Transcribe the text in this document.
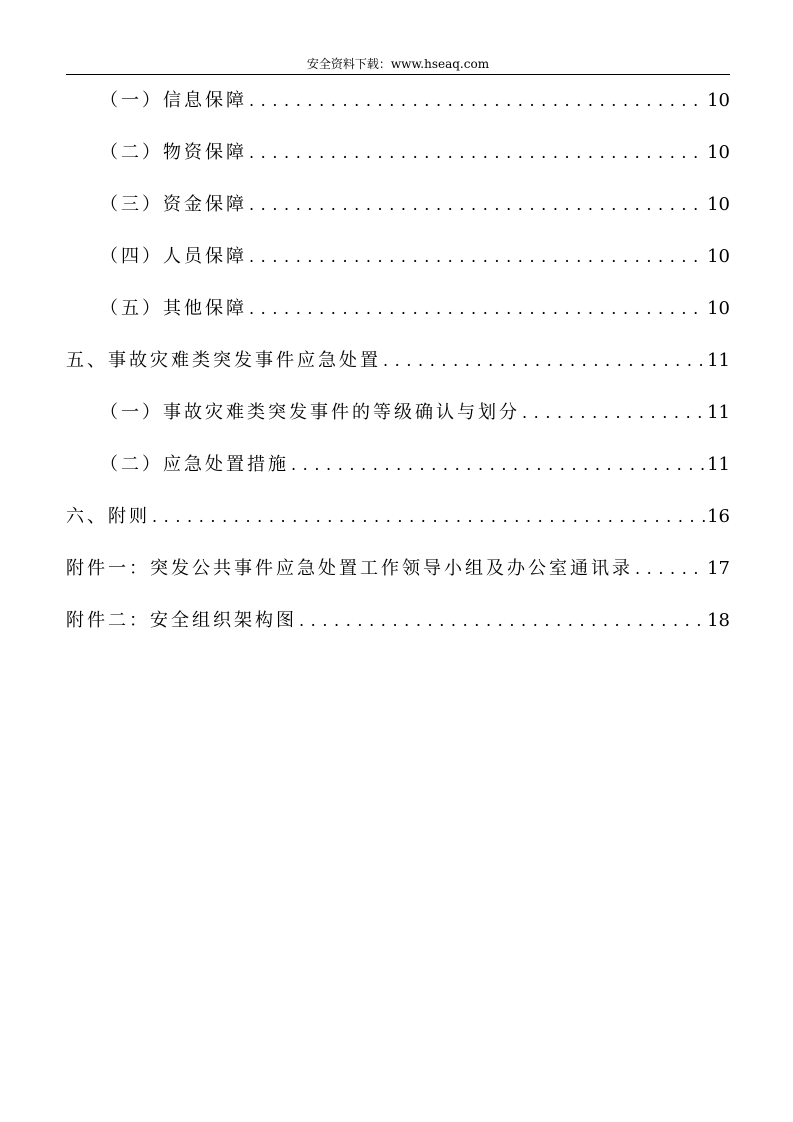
安全资料下载：www.hseaq.com
（一）信息保障 .....	10
（二）物资保障 .....	10
（三）资金保障 .....	10
（四）人员保障 .....	10
（五）其他保障 .....	10
五、事故灾难类突发事件应急处置 .....	11
（一）事故灾难类突发事件的等级确认与划分 .....	11
（二）应急处置措施 .....	11
六、附则 .....	16
附件一：突发公共事件应急处置工作领导小组及办公室通讯录 .....	17
附件二：安全组织架构图 .....	18
